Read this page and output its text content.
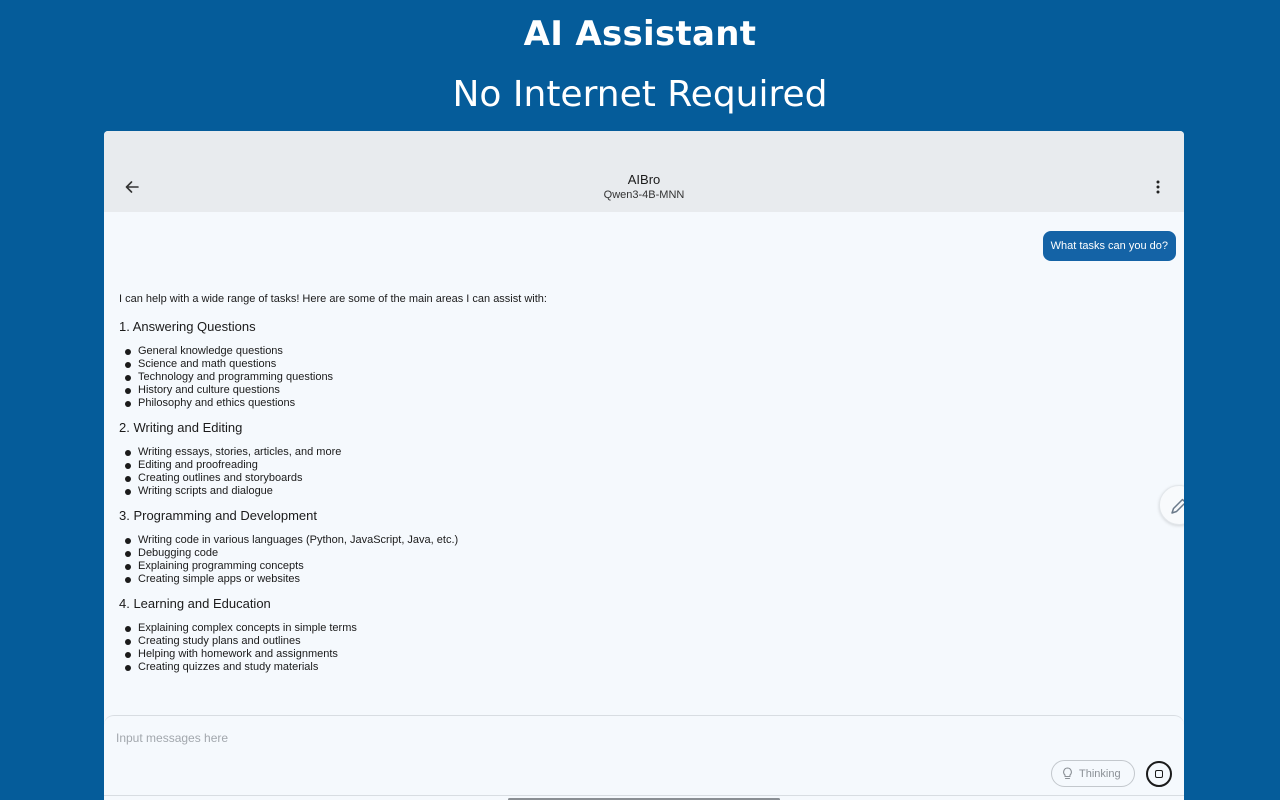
AI Assistant
No Internet Required
AIBro
Qwen3-4B-MNN
What tasks can you do?
I can help with a wide range of tasks! Here are some of the main areas I can assist with:
1. Answering Questions
General knowledge questions
Science and math questions
Technology and programming questions
History and culture questions
Philosophy and ethics questions
2. Writing and Editing
Writing essays, stories, articles, and more
Editing and proofreading
Creating outlines and storyboards
Writing scripts and dialogue
3. Programming and Development
Writing code in various languages (Python, JavaScript, Java, etc.)
Debugging code
Explaining programming concepts
Creating simple apps or websites
4. Learning and Education
Explaining complex concepts in simple terms
Creating study plans and outlines
Helping with homework and assignments
Creating quizzes and study materials
Input messages here
Thinking
